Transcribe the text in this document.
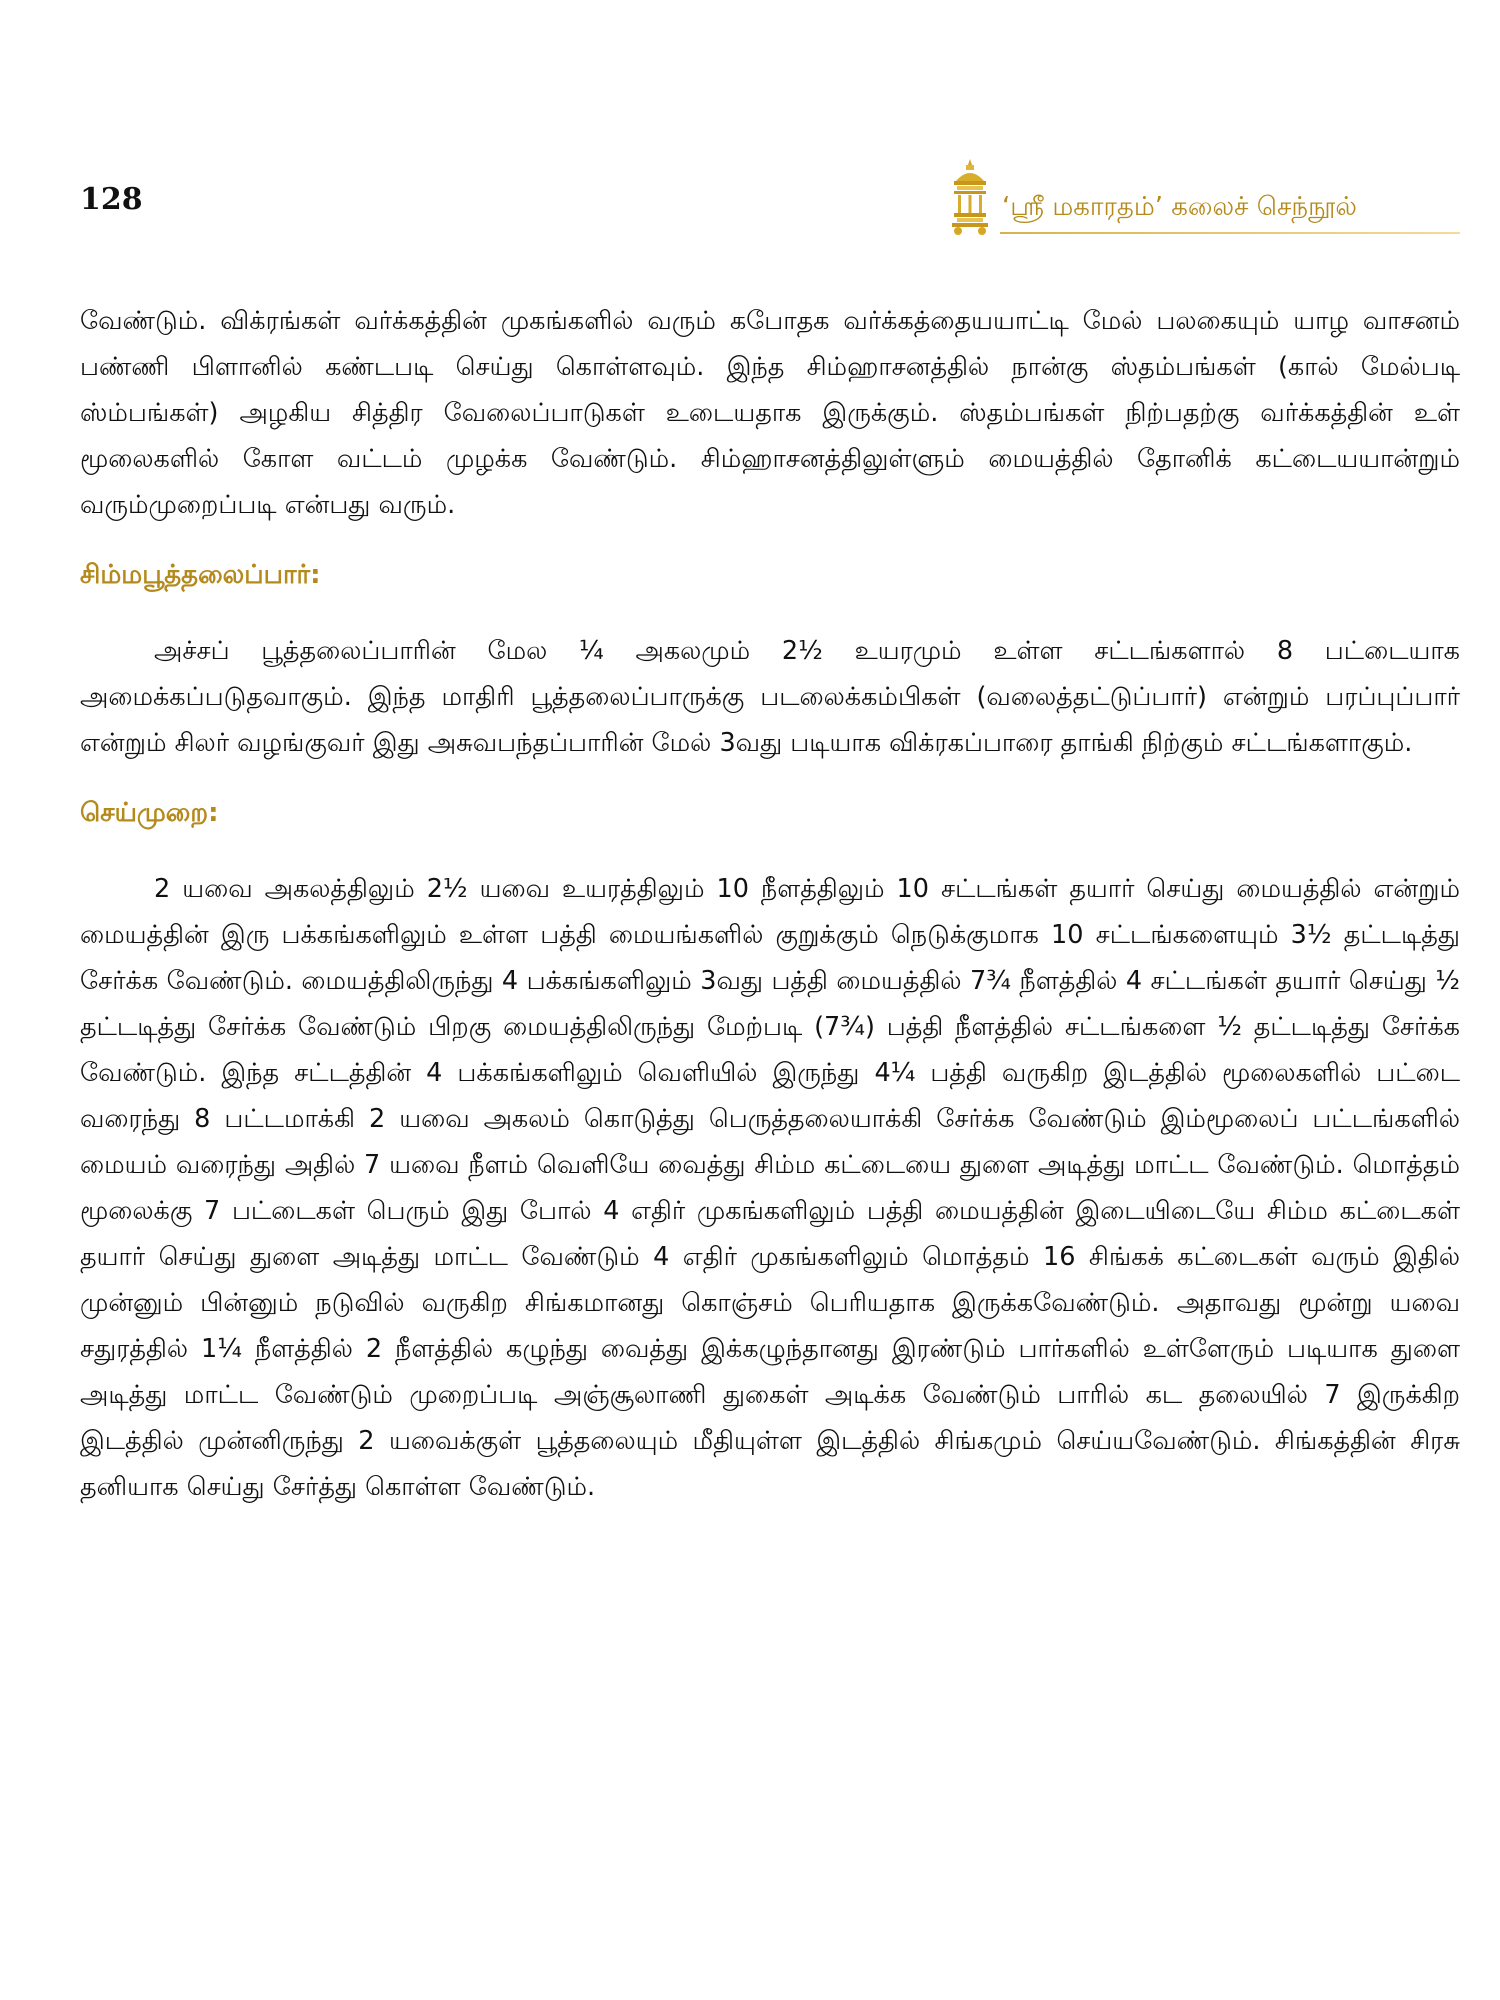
128	‘ஸ்ரீ மகாரதம்’ கலைச் செந்நூல்

வேண்டும். விக்ரங்கள் வர்க்கத்தின் முகங்களில் வரும் கபோதக வர்க்கத்தையயாட்டி மேல் பலகையும் யாழ வாசனம் பண்ணி பிளானில் கண்டபடி செய்து கொள்ளவும். இந்த சிம்ஹாசனத்தில் நான்கு ஸ்தம்பங்கள் (கால் மேல்படி ஸ்ம்பங்கள்) அழகிய சித்திர வேலைப்பாடுகள் உடையதாக இருக்கும். ஸ்தம்பங்கள் நிற்பதற்கு வர்க்கத்தின் உள் மூலைகளில் கோள வட்டம் முழக்க வேண்டும். சிம்ஹாசனத்திலுள்ளும் மையத்தில் தோனிக் கட்டையயான்றும் வரும்முறைப்படி என்பது வரும்.

சிம்மபூத்தலைப்பார்:

அச்சப் பூத்தலைப்பாரின் மேல ¼ அகலமும் 2½ உயரமும் உள்ள சட்டங்களால் 8 பட்டையாக அமைக்கப்படுதவாகும். இந்த மாதிரி பூத்தலைப்பாருக்கு படலைக்கம்பிகள் (வலைத்தட்டுப்பார்) என்றும் பரப்புப்பார் என்றும் சிலர் வழங்குவர் இது அசுவபந்தப்பாரின் மேல் 3வது படியாக விக்ரகப்பாரை தாங்கி நிற்கும் சட்டங்களாகும்.

செய்முறை:

2 யவை அகலத்திலும் 2½ யவை உயரத்திலும் 10 நீளத்திலும் 10 சட்டங்கள் தயார் செய்து மையத்தில் என்றும் மையத்தின் இரு பக்கங்களிலும் உள்ள பத்தி மையங்களில் குறுக்கும் நெடுக்குமாக 10 சட்டங்களையும் 3½ தட்டடித்து சேர்க்க வேண்டும். மையத்திலிருந்து 4 பக்கங்களிலும் 3வது பத்தி மையத்தில் 7¾ நீளத்தில் 4 சட்டங்கள் தயார் செய்து ½ தட்டடித்து சேர்க்க வேண்டும் பிறகு மையத்திலிருந்து மேற்படி (7¾) பத்தி நீளத்தில் சட்டங்களை ½ தட்டடித்து சேர்க்க வேண்டும். இந்த சட்டத்தின் 4 பக்கங்களிலும் வெளியில் இருந்து 4¼ பத்தி வருகிற இடத்தில் மூலைகளில் பட்டை வரைந்து 8 பட்டமாக்கி 2 யவை அகலம் கொடுத்து பெருத்தலையாக்கி சேர்க்க வேண்டும் இம்மூலைப் பட்டங்களில் மையம் வரைந்து அதில் 7 யவை நீளம் வெளியே வைத்து சிம்ம கட்டையை துளை அடித்து மாட்ட வேண்டும். மொத்தம் மூலைக்கு 7 பட்டைகள் பெரும் இது போல் 4 எதிர் முகங்களிலும் பத்தி மையத்தின் இடையிடையே சிம்ம கட்டைகள் தயார் செய்து துளை அடித்து மாட்ட வேண்டும் 4 எதிர் முகங்களிலும் மொத்தம் 16 சிங்கக் கட்டைகள் வரும் இதில் முன்னும் பின்னும் நடுவில் வருகிற சிங்கமானது கொஞ்சம் பெரியதாக இருக்கவேண்டும். அதாவது மூன்று யவை சதுரத்தில் 1¼ நீளத்தில் 2 நீளத்தில் கழுந்து வைத்து இக்கழுந்தானது இரண்டும் பார்களில் உள்ளேரும் படியாக துளை அடித்து மாட்ட வேண்டும் முறைப்படி அஞ்சூலாணி துகைள் அடிக்க வேண்டும் பாரில் கட தலையில் 7 இருக்கிற இடத்தில் முன்னிருந்து 2 யவைக்குள் பூத்தலையும் மீதியுள்ள இடத்தில் சிங்கமும் செய்யவேண்டும். சிங்கத்தின் சிரசு தனியாக செய்து சேர்த்து கொள்ள வேண்டும்.
